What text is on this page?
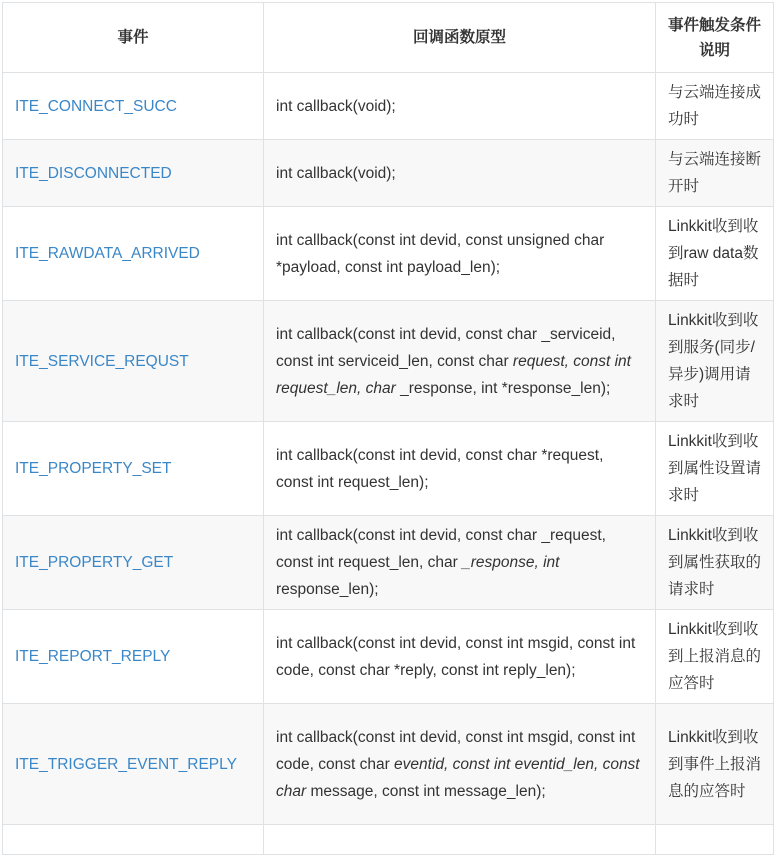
事件	回调函数原型	事件触发条件说明
ITE_CONNECT_SUCC	int callback(void);	与云端连接成功时
ITE_DISCONNECTED	int callback(void);	与云端连接断开时
ITE_RAWDATA_ARRIVED	int callback(const int devid, const unsigned char *payload, const int payload_len);	Linkkit收到收到raw data数据时
ITE_SERVICE_REQUST	int callback(const int devid, const char _serviceid, const int serviceid_len, const char request, const int request_len, char _response, int *response_len);	Linkkit收到收到服务(同步/异步)调用请求时
ITE_PROPERTY_SET	int callback(const int devid, const char *request, const int request_len);	Linkkit收到收到属性设置请求时
ITE_PROPERTY_GET	int callback(const int devid, const char _request, const int request_len, char _response, int response_len);	Linkkit收到收到属性获取的请求时
ITE_REPORT_REPLY	int callback(const int devid, const int msgid, const int code, const char *reply, const int reply_len);	Linkkit收到收到上报消息的应答时
ITE_TRIGGER_EVENT_REPLY	int callback(const int devid, const int msgid, const int code, const char eventid, const int eventid_len, const char message, const int message_len);	Linkkit收到收到事件上报消息的应答时
